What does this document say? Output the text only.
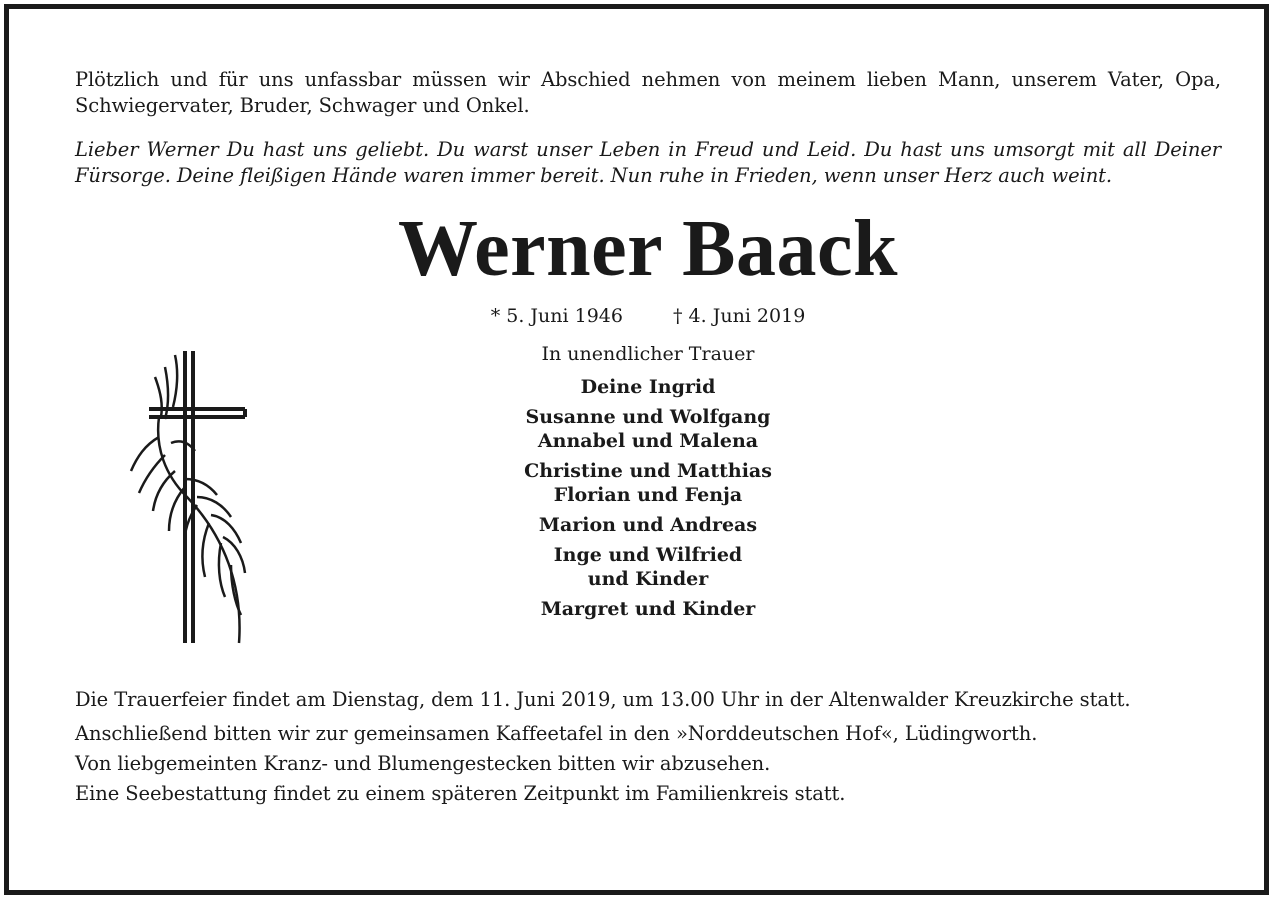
Plötzlich und für uns unfassbar müssen wir Abschied nehmen von meinem lieben Mann, unserem Vater, Opa, Schwiegervater, Bruder, Schwager und Onkel.

Lieber Werner Du hast uns geliebt. Du warst unser Leben in Freud und Leid. Du hast uns umsorgt mit all Deiner Fürsorge. Deine fleißigen Hände waren immer bereit. Nun ruhe in Frieden, wenn unser Herz auch weint.

Werner Baack
* 5. Juni 1946	† 4. Juni 2019
In unendlicher Trauer
Deine Ingrid
Susanne und Wolfgang
Annabel und Malena
Christine und Matthias
Florian und Fenja
Marion und Andreas
Inge und Wilfried
und Kinder
Margret und Kinder

Die Trauerfeier findet am Dienstag, dem 11. Juni 2019, um 13.00 Uhr in der Altenwalder Kreuzkirche statt.

Anschließend bitten wir zur gemeinsamen Kaffeetafel in den »Norddeutschen Hof«, Lüdingworth.

Von liebgemeinten Kranz- und Blumengestecken bitten wir abzusehen.

Eine Seebestattung findet zu einem späteren Zeitpunkt im Familienkreis statt.
